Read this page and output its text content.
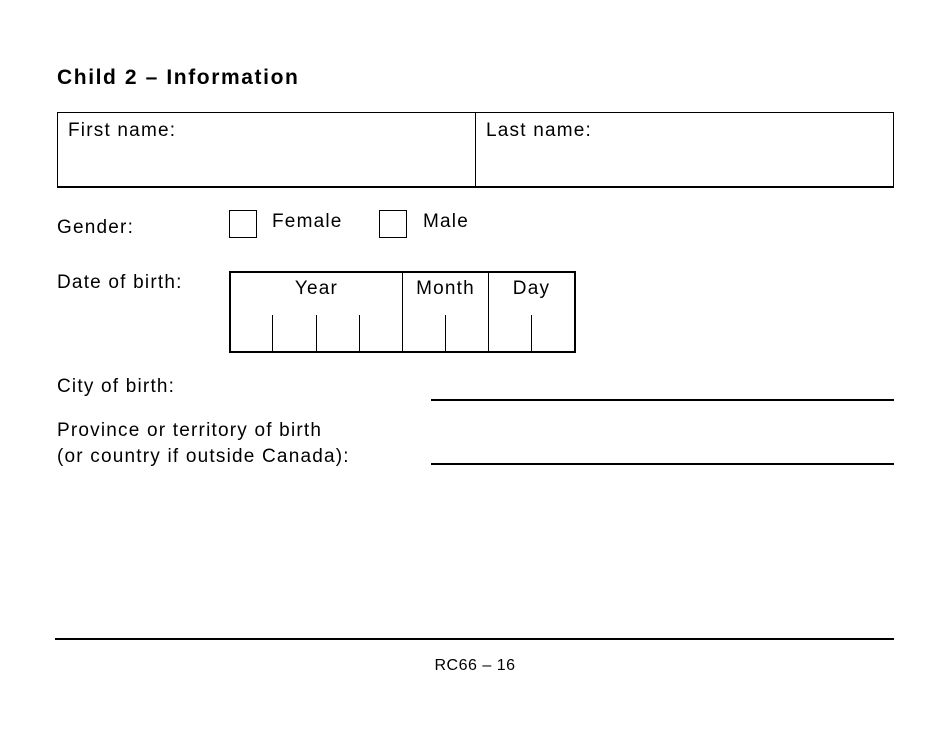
Child 2 – Information
First name:	Last name:
Gender:	Female	Male
Date of birth:	Year	Month	Day
City of birth:
Province or territory of birth
(or country if outside Canada):
RC66 – 16
